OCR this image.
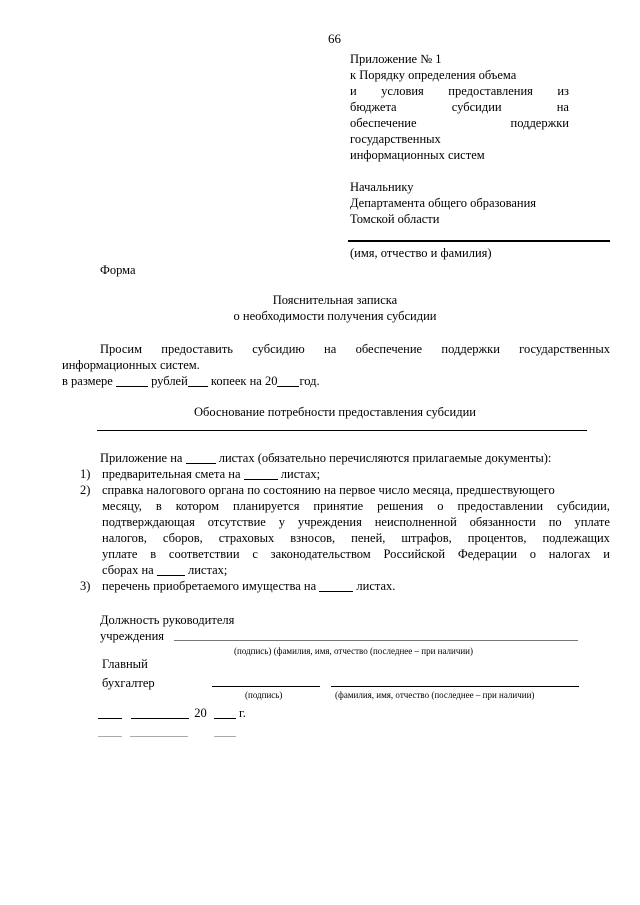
66
Приложение № 1
к Порядку определения объема
и условия предоставления из
бюджета	субсидии	на
обеспечение	поддержки
государственных
информационных систем
Начальнику
Департамента общего образования
Томской области
(имя, отчество и фамилия)
Форма
Пояснительная записка
о необходимости получения субсидии
Просим предоставить субсидию на обеспечение поддержки государственных
информационных систем.
в размере	рублей копеек на 20 год.
Обоснование потребности предоставления субсидии
Приложение на	листах (обязательно перечисляются прилагаемые документы):
1) предварительная смета на	листах;
2) справка налогового органа по состоянию на первое число месяца, предшествующего
месяцу, в котором планируется принятие решения о предоставлении субсидии,
подтверждающая отсутствие у учреждения неисполненной обязанности по уплате
налогов, сборов, страховых взносов, пеней, штрафов, процентов, подлежащих
уплате в соответствии с законодательством Российской Федерации о налогах и
сборах на	листах;
3) перечень приобретаемого имущества на	листах.
Должность руководителя
учреждения
(подпись) (фамилия, имя, отчество (последнее – при наличии)
Главный
бухгалтер
(подпись)	(фамилия, имя, отчество (последнее – при наличии)
20	г.
